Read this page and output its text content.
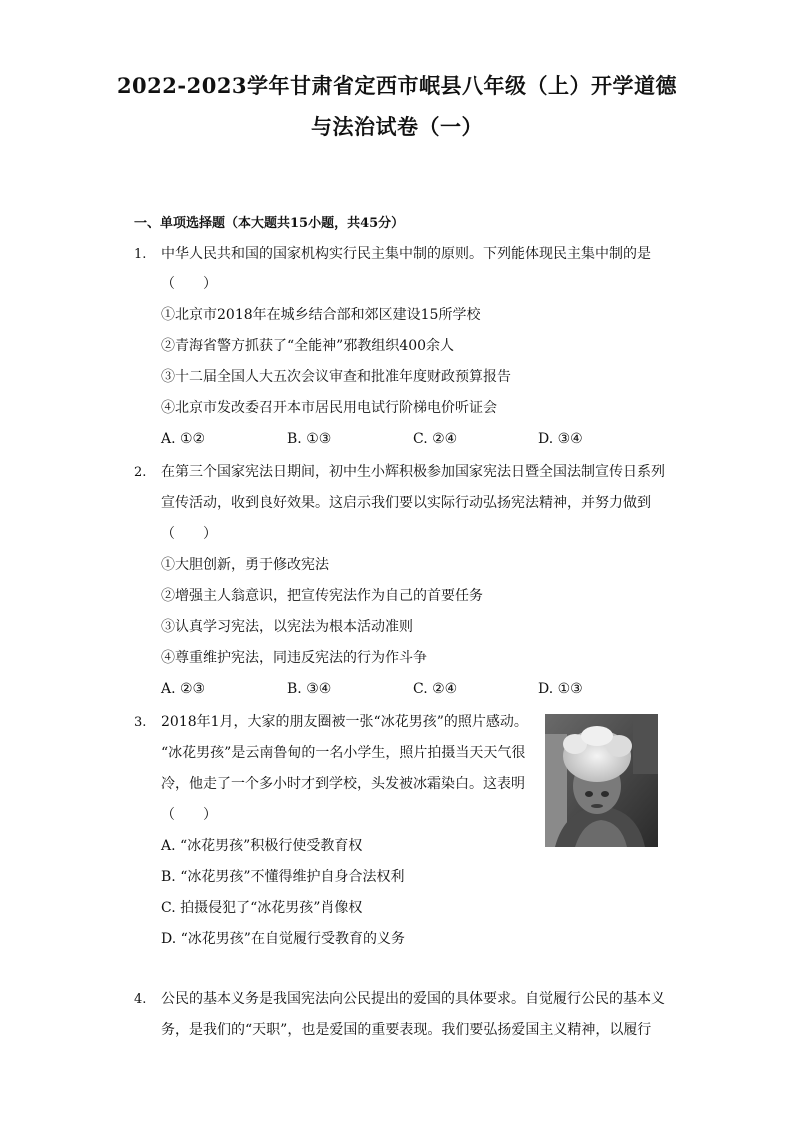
2022-2023学年甘肃省定西市岷县八年级（上）开学道德
与法治试卷（一）
一、单项选择题（本大题共15小题，共45分）
1. 中华人民共和国的国家机构实行民主集中制的原则。下列能体现民主集中制的是
（　　）
①北京市2018年在城乡结合部和郊区建设15所学校
②青海省警方抓获了“全能神”邪教组织400余人
③十二届全国人大五次会议审查和批准年度财政预算报告
④北京市发改委召开本市居民用电试行阶梯电价听证会
A. ①②	B. ①③	C. ②④	D. ③④
2. 在第三个国家宪法日期间，初中生小辉积极参加国家宪法日暨全国法制宣传日系列
宣传活动，收到良好效果。这启示我们要以实际行动弘扬宪法精神，并努力做到
（　　）
①大胆创新，勇于修改宪法
②增强主人翁意识，把宣传宪法作为自己的首要任务
③认真学习宪法，以宪法为根本活动准则
④尊重维护宪法，同违反宪法的行为作斗争
A. ②③	B. ③④	C. ②④	D. ①③
3. 2018年1月，大家的朋友圈被一张“冰花男孩”的照片感动。
“冰花男孩”是云南鲁甸的一名小学生，照片拍摄当天天气很
冷，他走了一个多小时才到学校，头发被冰霜染白。这表明
（　　）
A. “冰花男孩”积极行使受教育权
B. “冰花男孩”不懂得维护自身合法权利
C. 拍摄侵犯了“冰花男孩”肖像权
D. “冰花男孩”在自觉履行受教育的义务
4. 公民的基本义务是我国宪法向公民提出的爱国的具体要求。自觉履行公民的基本义
务，是我们的“天职”，也是爱国的重要表现。我们要弘扬爱国主义精神，以履行
